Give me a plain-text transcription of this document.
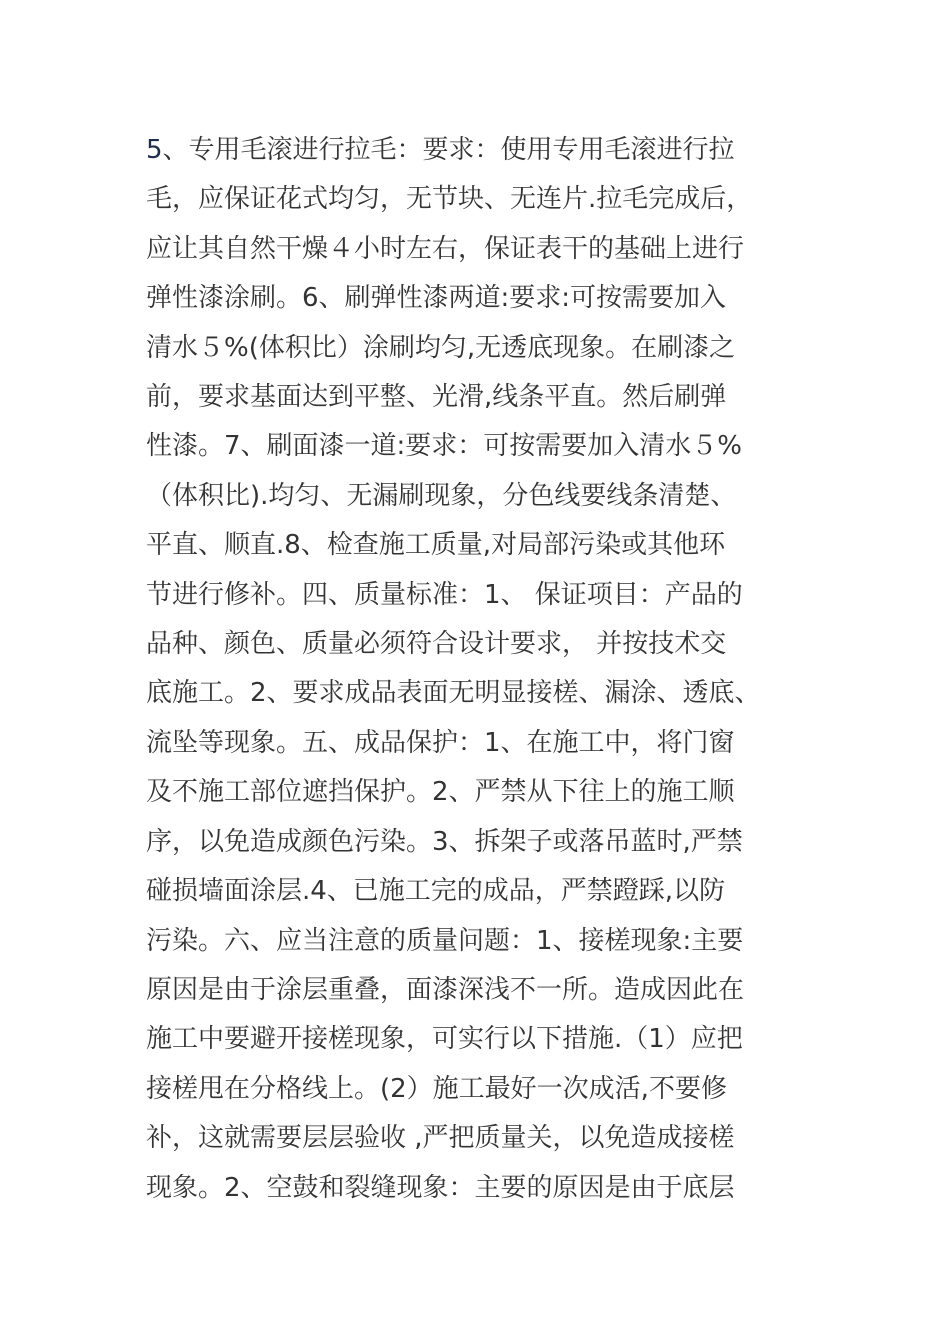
5、专用毛滚进行拉毛：要求：使用专用毛滚进行拉
毛，应保证花式均匀，无节块、无连片.拉毛完成后，
应让其自然干燥４小时左右，保证表干的基础上进行
弹性漆涂刷。6、刷弹性漆两道:要求:可按需要加入
清水５%(体积比）涂刷均匀,无透底现象。在刷漆之
前，要求基面达到平整、光滑,线条平直。然后刷弹
性漆。7、刷面漆一道:要求：可按需要加入清水５%
（体积比).均匀、无漏刷现象，分色线要线条清楚、
平直、顺直.8、检查施工质量,对局部污染或其他环
节进行修补。四、质量标准：1、 保证项目：产品的
品种、颜色、质量必须符合设计要求， 并按技术交
底施工。2、要求成品表面无明显接槎、漏涂、透底、
流坠等现象。五、成品保护：1、在施工中，将门窗
及不施工部位遮挡保护。2、严禁从下往上的施工顺
序，以免造成颜色污染。3、拆架子或落吊蓝时,严禁
碰损墙面涂层.4、已施工完的成品，严禁蹬踩,以防
污染。六、应当注意的质量问题：1、接槎现象:主要
原因是由于涂层重叠，面漆深浅不一所。造成因此在
施工中要避开接槎现象，可实行以下措施.（1）应把
接槎甩在分格线上。(2）施工最好一次成活,不要修
补，这就需要层层验收 ,严把质量关，以免造成接槎
现象。2、空鼓和裂缝现象：主要的原因是由于底层
